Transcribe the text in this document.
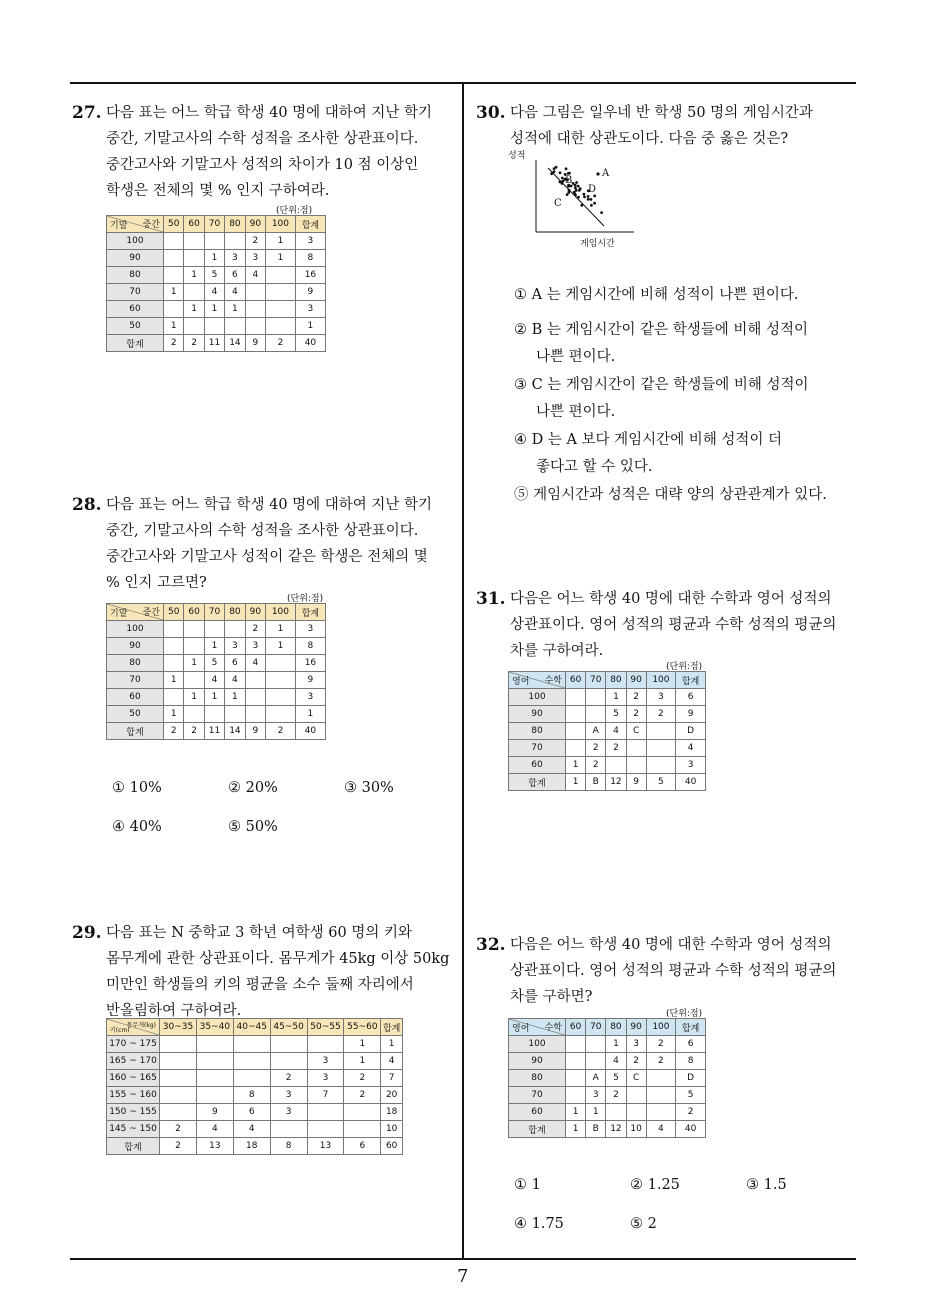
27. 다음 표는 어느 학급 학생 40 명에 대하여 지난 학기
중간, 기말고사의 수학 성적을 조사한 상관표이다.
중간고사와 기말고사 성적의 차이가 10 점 이상인
학생은 전체의 몇 % 인지 구하여라.
(단위:점)
중간
기말	50	60	70	80	90	100	합계
100					2	1	3
90			1	3	3	1	8
80		1	5	6	4		16
70	1		4	4			9
60		1	1	1			3
50	1						1
합계	2	2	11	14	9	2	40
28. 다음 표는 어느 학급 학생 40 명에 대하여 지난 학기
중간, 기말고사의 수학 성적을 조사한 상관표이다.
중간고사와 기말고사 성적이 같은 학생은 전체의 몇
% 인지 고르면?
(단위:점)
중간
기말	50	60	70	80	90	100	합계
100					2	1	3
90			1	3	3	1	8
80		1	5	6	4		16
70	1		4	4			9
60		1	1	1			3
50	1						1
합계	2	2	11	14	9	2	40
① 10%	② 20%	③ 30%
④ 40%	⑤ 50%
29. 다음 표는 N 중학교 3 학년 여학생 60 명의 키와
몸무게에 관한 상관표이다. 몸무게가 45kg 이상 50kg
미만인 학생들의 키의 평균을 소수 둘째 자리에서
반올림하여 구하여라.
몸무게(kg)
키(cm)	30~35	35~40	40~45	45~50	50~55	55~60	합계
170 ~ 175						1	1
165 ~ 170					3	1	4
160 ~ 165				2	3	2	7
155 ~ 160			8	3	7	2	20
150 ~ 155		9	6	3			18
145 ~ 150	2	4	4				10
합계	2	13	18	8	13	6	60
30. 다음 그림은 일우네 반 학생 50 명의 게임시간과
성적에 대한 상관도이다. 다음 중 옳은 것은?
성적
A
B
C
D
게임시간
① A 는 게임시간에 비해 성적이 나쁜 편이다.
② B 는 게임시간이 같은 학생들에 비해 성적이
나쁜 편이다.
③ C 는 게임시간이 같은 학생들에 비해 성적이
나쁜 편이다.
④ D 는 A 보다 게임시간에 비해 성적이 더
좋다고 할 수 있다.
⑤ 게임시간과 성적은 대략 양의 상관관계가 있다.
31. 다음은 어느 학생 40 명에 대한 수학과 영어 성적의
상관표이다. 영어 성적의 평균과 수학 성적의 평균의
차를 구하여라.
(단위:점)
수학
영어	60	70	80	90	100	합계
100			1	2	3	6
90			5	2	2	9
80		A	4	C		D
70		2	2			4
60	1	2				3
합계	1	B	12	9	5	40
32. 다음은 어느 학생 40 명에 대한 수학과 영어 성적의
상관표이다. 영어 성적의 평균과 수학 성적의 평균의
차를 구하면?
(단위:점)
수학
영어	60	70	80	90	100	합계
100			1	3	2	6
90			4	2	2	8
80		A	5	C		D
70		3	2			5
60	1	1				2
합계	1	B	12	10	4	40
① 1	② 1.25	③ 1.5
④ 1.75	⑤ 2
7
